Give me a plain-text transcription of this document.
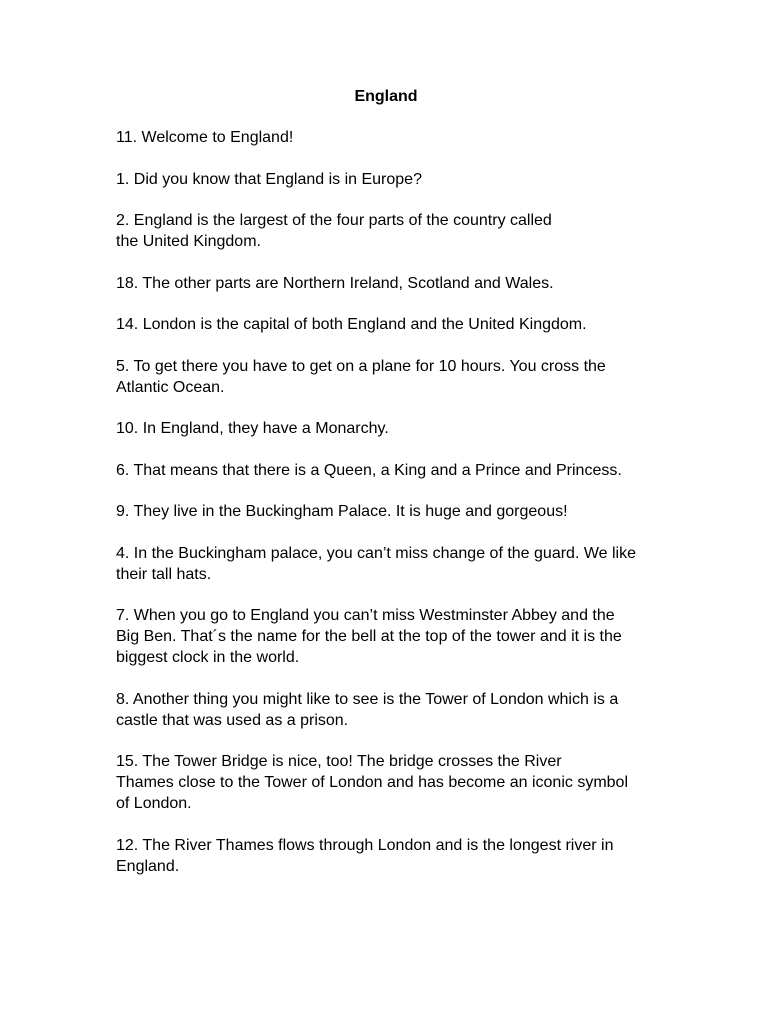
England

11. Welcome to England!

1. Did you know that England is in Europe?

2. England is the largest of the four parts of the country called
the United Kingdom.

18. The other parts are Northern Ireland, Scotland and Wales.

14. London is the capital of both England and the United Kingdom.

5. To get there you have to get on a plane for 10 hours. You cross the
Atlantic Ocean.

10. In England, they have a Monarchy.

6. That means that there is a Queen, a King and a Prince and Princess.

9. They live in the Buckingham Palace. It is huge and gorgeous!

4. In the Buckingham palace, you can’t miss change of the guard. We like
their tall hats.

7. When you go to England you can’t miss Westminster Abbey and the
Big Ben. That´s the name for the bell at the top of the tower and it is the
biggest clock in the world.

8. Another thing you might like to see is the Tower of London which is a
castle that was used as a prison.

15. The Tower Bridge is nice, too! The bridge crosses the River
Thames close to the Tower of London and has become an iconic symbol
of London.

12. The River Thames flows through London and is the longest river in
England.
